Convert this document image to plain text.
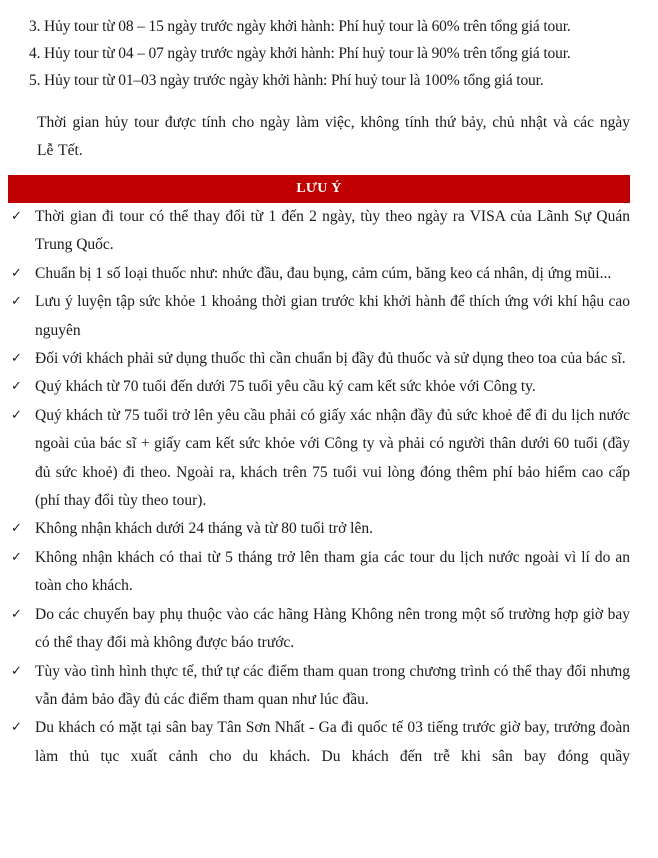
3. Hủy tour từ 08 – 15 ngày trước ngày khởi hành: Phí huỷ tour là 60% trên tổng giá tour.
4. Hủy tour từ 04 – 07 ngày trước ngày khởi hành: Phí huỷ tour là 90% trên tổng giá tour.
5. Hủy tour từ 01–03 ngày trước ngày khởi hành: Phí huỷ tour là 100% tổng giá tour.

Thời gian hủy tour được tính cho ngày làm việc, không tính thứ bảy, chủ nhật và các ngày Lễ Tết.

LƯU Ý
✓ Thời gian đi tour có thể thay đổi từ 1 đến 2 ngày, tùy theo ngày ra VISA của Lãnh Sự Quán Trung Quốc.
✓ Chuẩn bị 1 số loại thuốc như: nhức đầu, đau bụng, cảm cúm, băng keo cá nhân, dị ứng mũi...
✓ Lưu ý luyện tập sức khỏe 1 khoảng thời gian trước khi khởi hành để thích ứng với khí hậu cao nguyên
✓ Đối với khách phải sử dụng thuốc thì cần chuẩn bị đầy đủ thuốc và sử dụng theo toa của bác sĩ.
✓ Quý khách từ 70 tuổi đến dưới 75 tuổi yêu cầu ký cam kết sức khỏe với Công ty.
✓ Quý khách từ 75 tuổi trở lên yêu cầu phải có giấy xác nhận đầy đủ sức khoẻ để đi du lịch nước ngoài của bác sĩ + giấy cam kết sức khỏe với Công ty và phải có người thân dưới 60 tuổi (đầy đủ sức khoẻ) đi theo. Ngoài ra, khách trên 75 tuổi vui lòng đóng thêm phí bảo hiểm cao cấp (phí thay đổi tùy theo tour).
✓ Không nhận khách dưới 24 tháng và từ 80 tuổi trở lên.
✓ Không nhận khách có thai từ 5 tháng trở lên tham gia các tour du lịch nước ngoài vì lí do an toàn cho khách.
✓ Do các chuyến bay phụ thuộc vào các hãng Hàng Không nên trong một số trường hợp giờ bay có thể thay đổi mà không được báo trước.
✓ Tùy vào tình hình thực tế, thứ tự các điểm tham quan trong chương trình có thể thay đổi nhưng vẫn đảm bảo đầy đủ các điểm tham quan như lúc đầu.
✓ Du khách có mặt tại sân bay Tân Sơn Nhất - Ga đi quốc tế 03 tiếng trước giờ bay, trưởng đoàn làm thủ tục xuất cảnh cho du khách. Du khách đến trễ khi sân bay đóng quầy
